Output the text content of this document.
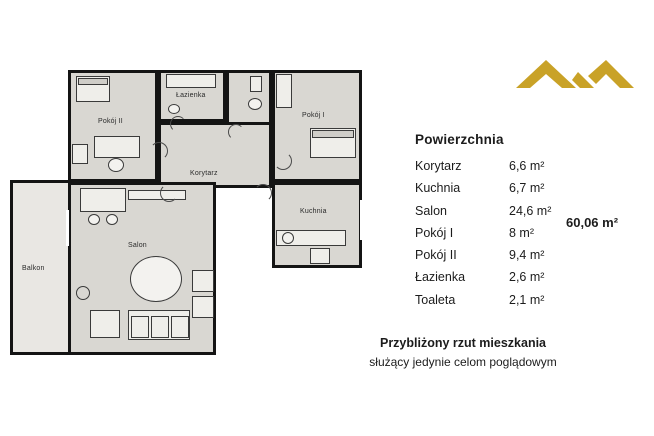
Balkon
Pokój II
Łazienka
Pokój I
Korytarz
Kuchnia
Salon
Powierzchnia
Korytarz	6,6 m²
Kuchnia	6,7 m²
Salon	24,6 m²
Pokój I	8 m²
Pokój II	9,4 m²
Łazienka	2,6 m²
Toaleta	2,1 m²
60,06 m²
Przybliżony rzut mieszkania
służący jedynie celom poglądowym
